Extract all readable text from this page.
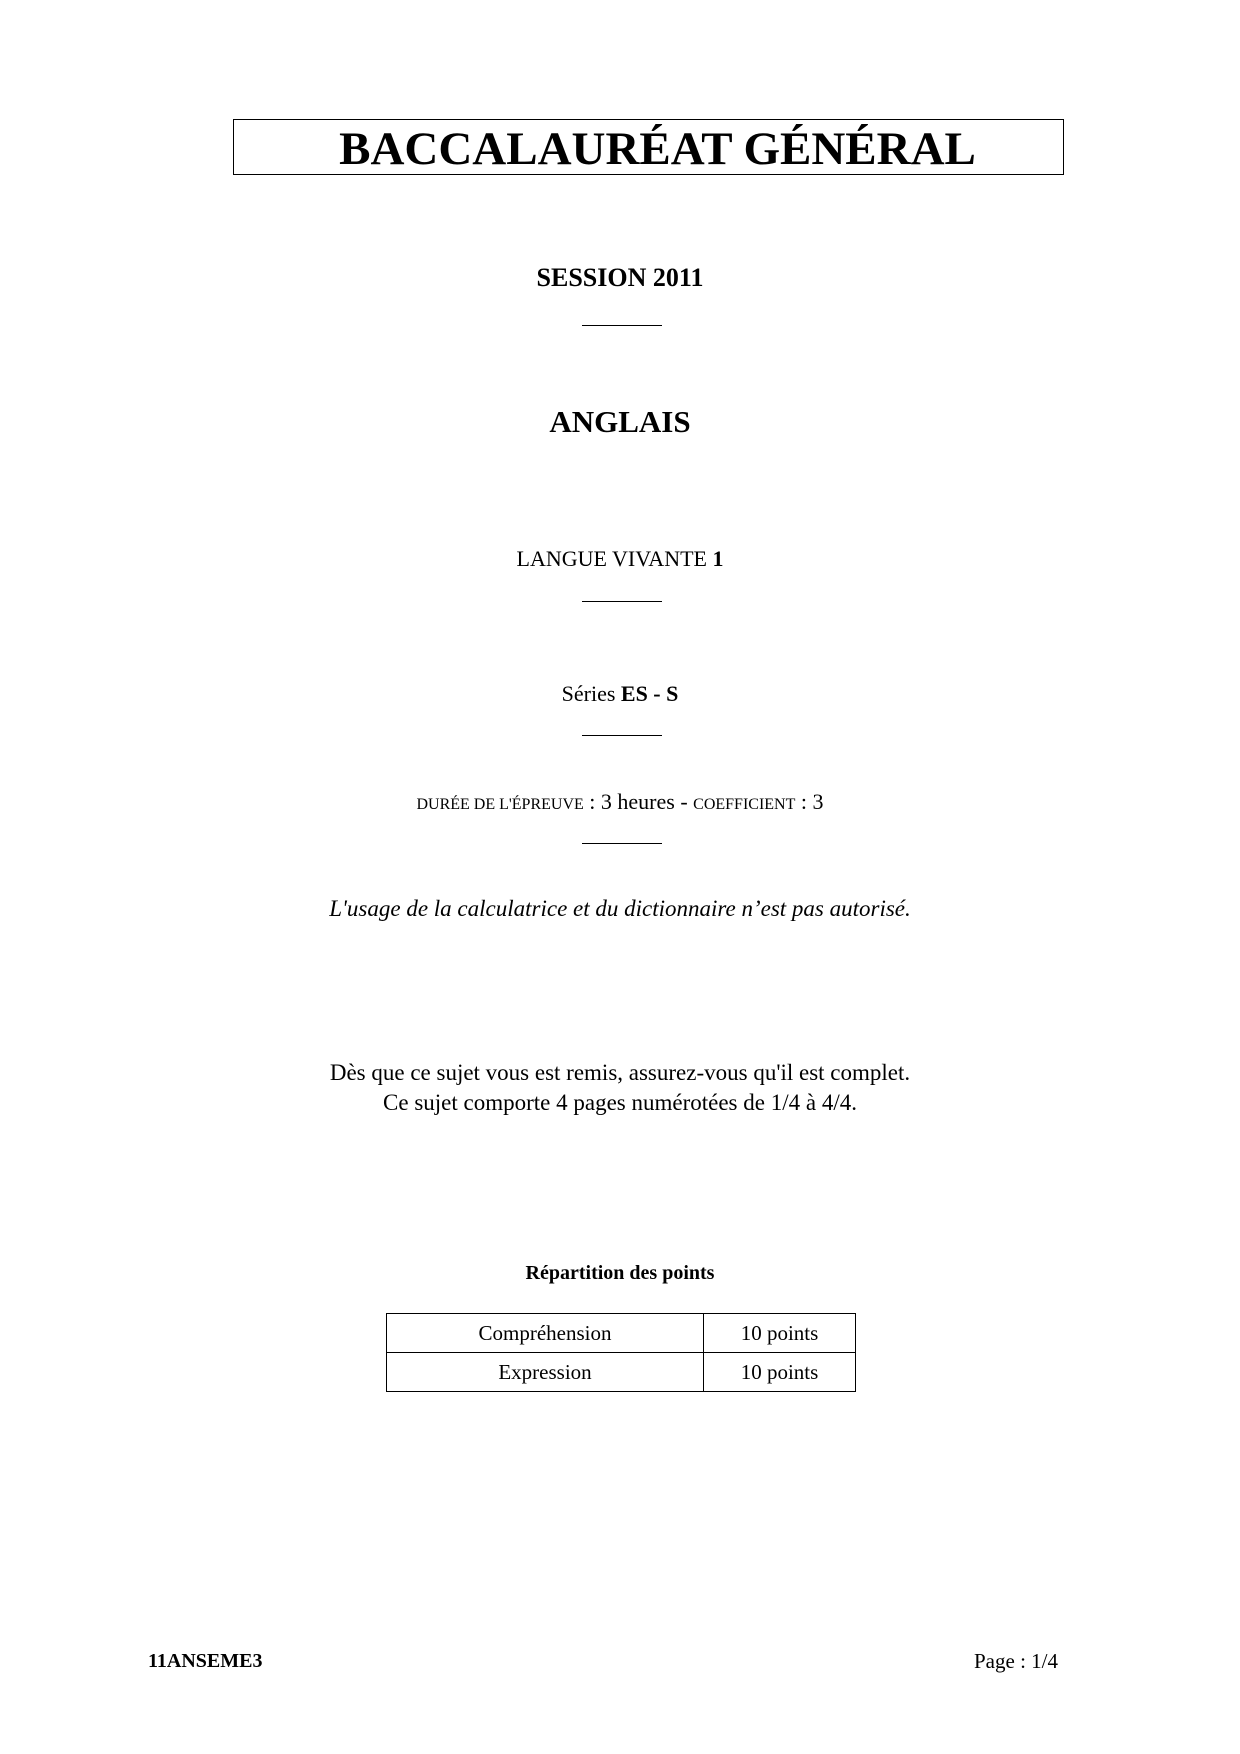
BACCALAURÉAT GÉNÉRAL
SESSION 2011
ANGLAIS
LANGUE VIVANTE 1
Séries ES - S
DURÉE DE L'ÉPREUVE : 3 heures - COEFFICIENT : 3
L'usage de la calculatrice et du dictionnaire n’est pas autorisé.
Dès que ce sujet vous est remis, assurez-vous qu'il est complet.
Ce sujet comporte 4 pages numérotées de 1/4 à 4/4.
Répartition des points
Compréhension	10 points
Expression	10 points
11ANSEME3	Page : 1/4
